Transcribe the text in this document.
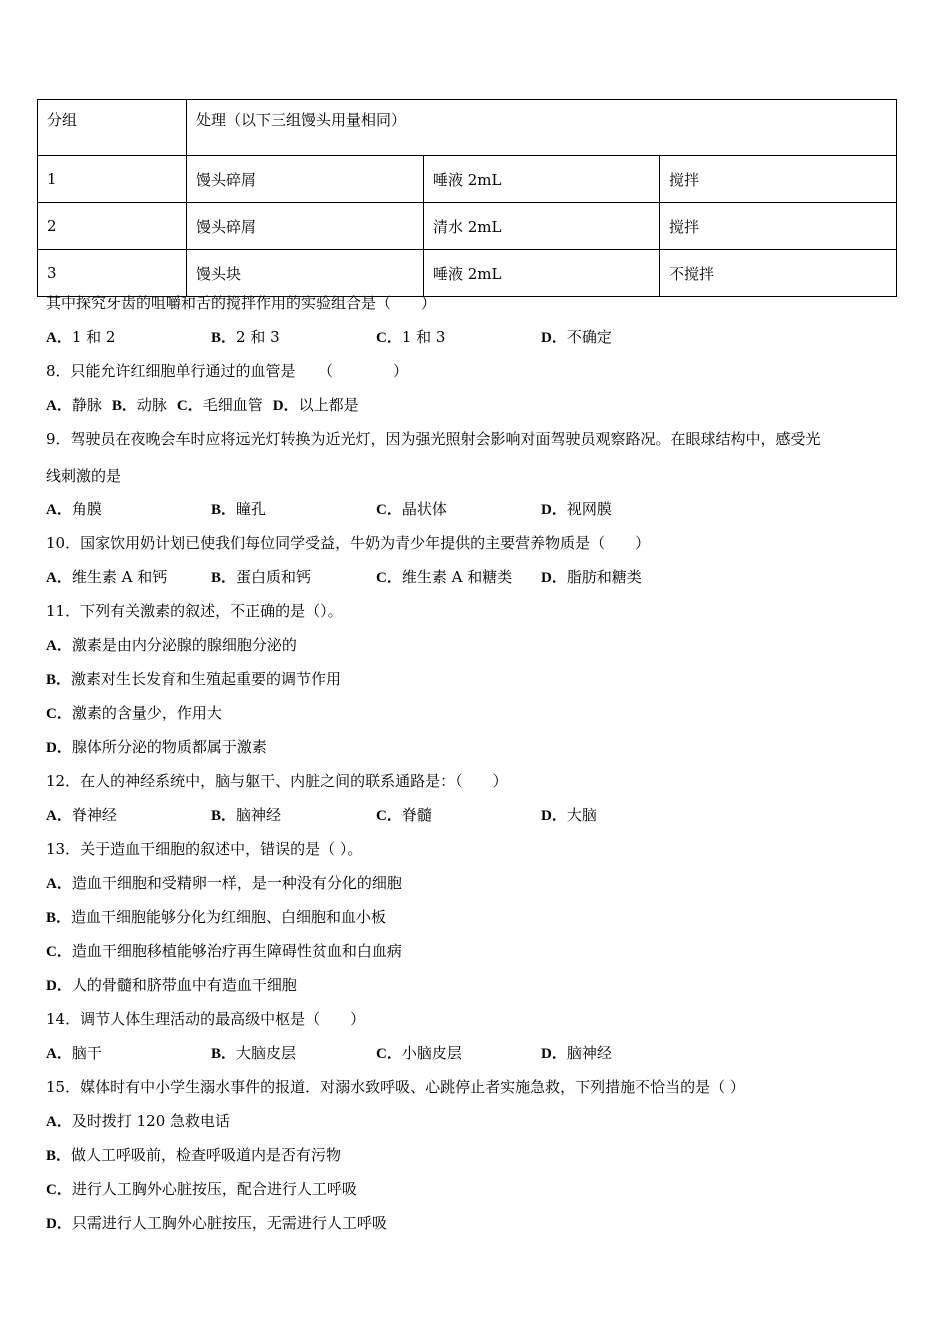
分组	处理（以下三组馒头用量相同）		
1	馒头碎屑	唾液 2mL	搅拌
2	馒头碎屑	清水 2mL	搅拌
3	馒头块	唾液 2mL	不搅拌
其中探究牙齿的咀嚼和舌的搅拌作用的实验组合是（　　）
A．1 和 2	B．2 和 3	C．1 和 3	D．不确定
8．只能允许红细胞单行通过的血管是　　（　　　　）
A．静脉 B．动脉 C．毛细血管 D．以上都是
9．驾驶员在夜晚会车时应将远光灯转换为近光灯，因为强光照射会影响对面驾驶员观察路况。在眼球结构中，感受光
线刺激的是
A．角膜	B．瞳孔	C．晶状体	D．视网膜
10．国家饮用奶计划已使我们每位同学受益，牛奶为青少年提供的主要营养物质是（　　）
A．维生素 A 和钙	B．蛋白质和钙	C．维生素 A 和糖类 D．脂肪和糖类
11．下列有关激素的叙述，不正确的是（）。
A．激素是由内分泌腺的腺细胞分泌的
B．激素对生长发育和生殖起重要的调节作用
C．激素的含量少，作用大
D．腺体所分泌的物质都属于激素
12．在人的神经系统中，脑与躯干、内脏之间的联系通路是：（　　）
A．脊神经	B．脑神经	C．脊髓	D．大脑
13．关于造血干细胞的叙述中，错误的是（ ）。
A．造血干细胞和受精卵一样，是一种没有分化的细胞
B．造血干细胞能够分化为红细胞、白细胞和血小板
C．造血干细胞移植能够治疗再生障碍性贫血和白血病
D．人的骨髓和脐带血中有造血干细胞
14．调节人体生理活动的最高级中枢是（　　）
A．脑干	B．大脑皮层	C．小脑皮层	D．脑神经
15．媒体时有中小学生溺水事件的报道．对溺水致呼吸、心跳停止者实施急救，下列措施不恰当的是（ ）
A．及时拨打 120 急救电话
B．做人工呼吸前，检查呼吸道内是否有污物
C．进行人工胸外心脏按压，配合进行人工呼吸
D．只需进行人工胸外心脏按压，无需进行人工呼吸
